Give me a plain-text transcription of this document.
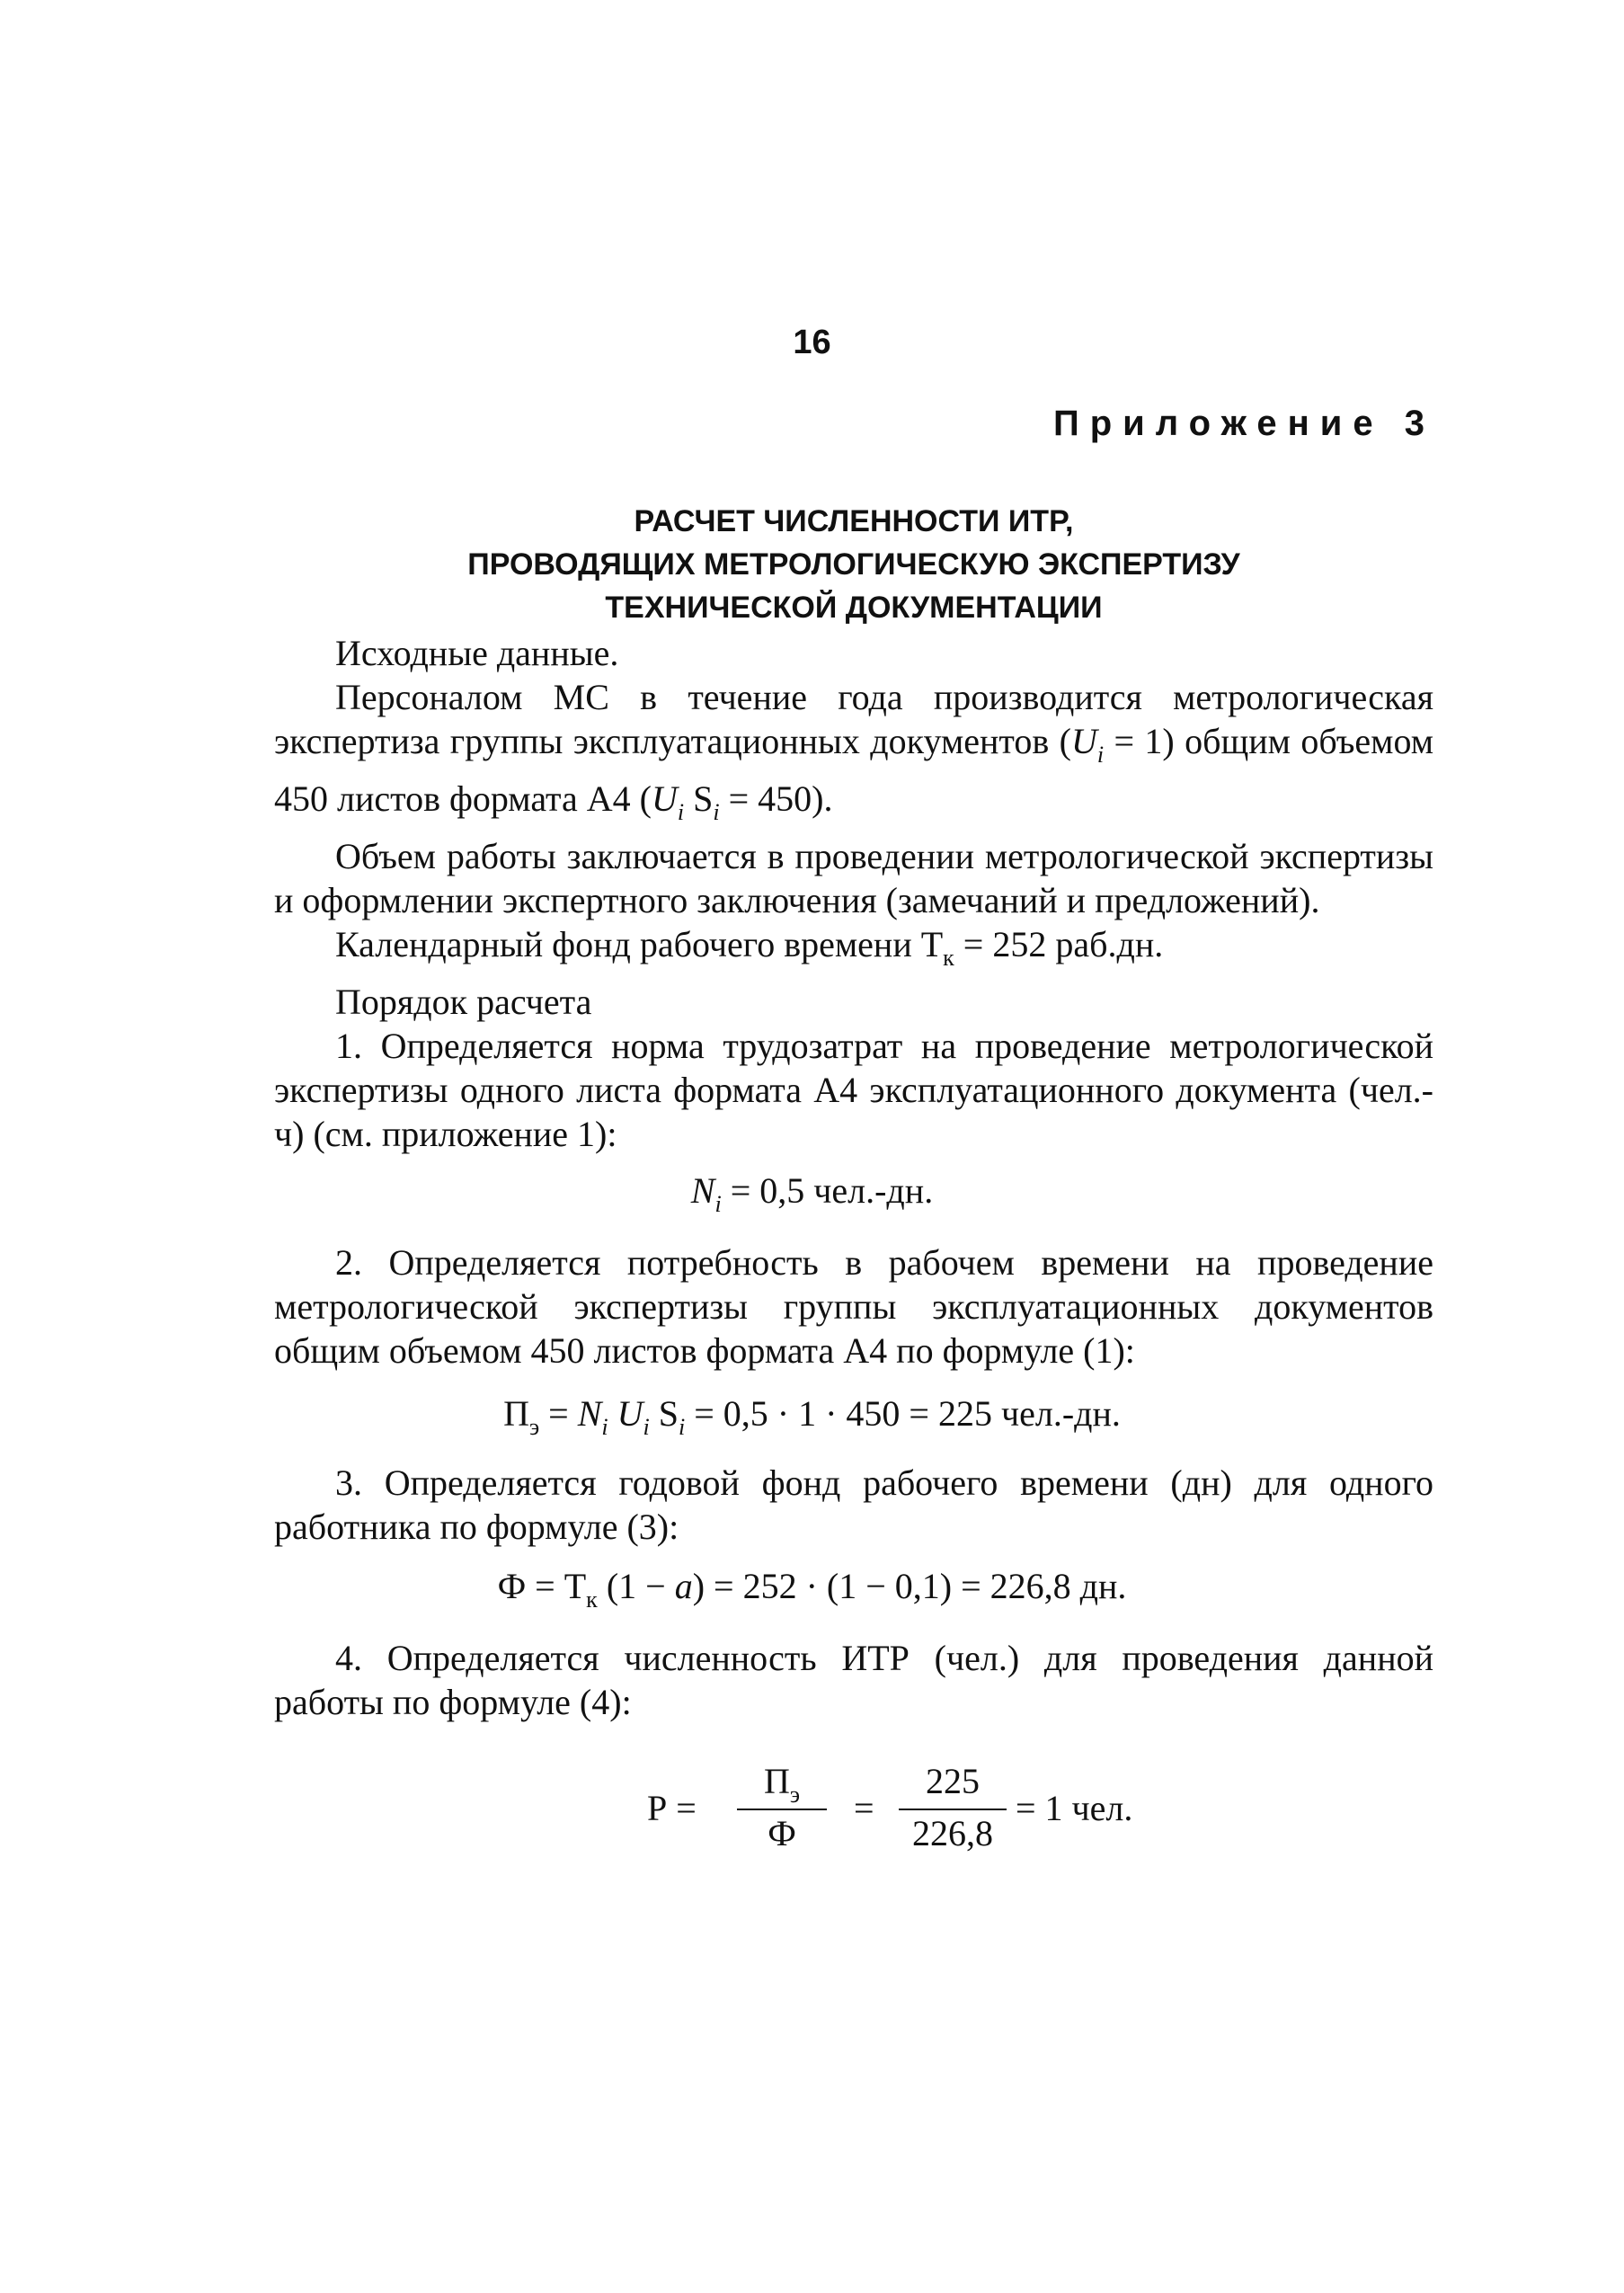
16
Приложение 3
РАСЧЕТ ЧИСЛЕННОСТИ ИТР,
ПРОВОДЯЩИХ МЕТРОЛОГИЧЕСКУЮ ЭКСПЕРТИЗУ
ТЕХНИЧЕСКОЙ ДОКУМЕНТАЦИИ

Исходные данные.

Персоналом МС в течение года производится метрологическая экспертиза группы эксплуатационных документов $(U_i = 1)$ общим объемом 450 листов формата А4 ($U_i$ $S_i = 450$).

Объем работы заключается в проведении метрологической экспертизы и оформлении экспертного заключения (замечаний и предложений).

Календарный фонд рабочего времени $Т_к = 252$ раб.дн.

Порядок расчета

1. Определяется норма трудозатрат на проведение метрологической экспертизы одного листа формата А4 эксплуатационного документа (чел.-ч) (см. приложение 1):

$N_i = 0,5$ чел.-дн.

2. Определяется потребность в рабочем времени на проведение метрологической экспертизы группы эксплуатационных документов общим объемом 450 листов формата А4 по формуле (1):

$П_э = N_i$ $U_i$ $S_i = 0,5 \cdot 1 \cdot 450 = 225$ чел.-дн.

3. Определяется годовой фонд рабочего времени (дн) для одного работника по формуле (3):

$Ф = Т_к$ (1 − a) = 252 · (1 − 0,1) = 226,8 дн.

4. Определяется численность ИТР (чел.) для проведения данной работы по формуле (4):

Р =
$П_э$
Ф
=
225
226,8
= 1 чел.
